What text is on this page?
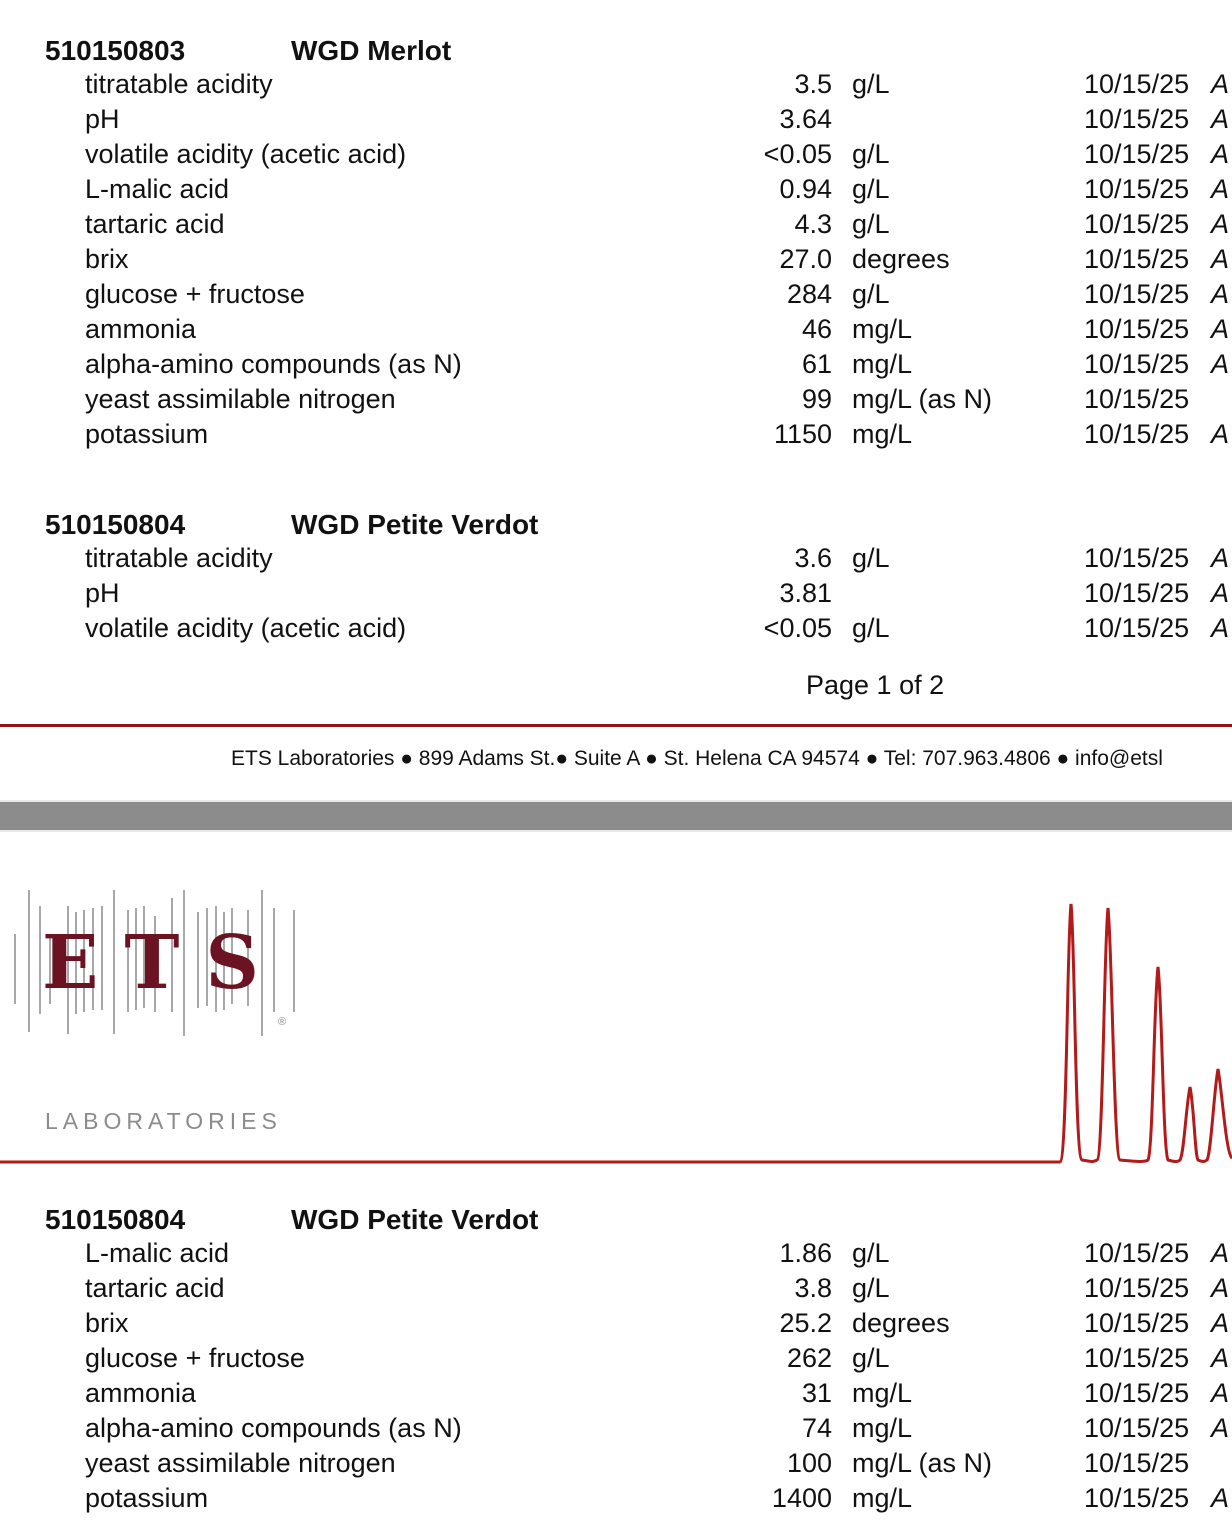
510150803	WGD Merlot
titratable acidity	3.5 g/L	10/15/25 A
pH	3.64	10/15/25 A
volatile acidity (acetic acid)	<0.05 g/L	10/15/25 A
L-malic acid	0.94 g/L	10/15/25 A
tartaric acid	4.3 g/L	10/15/25 A
brix	27.0 degrees	10/15/25 A
glucose + fructose	284 g/L	10/15/25 A
ammonia	46 mg/L	10/15/25 A
alpha-amino compounds (as N)	61 mg/L	10/15/25 A
yeast assimilable nitrogen	99 mg/L (as N)	10/15/25
potassium	1150 mg/L	10/15/25 A
510150804	WGD Petite Verdot
titratable acidity	3.6 g/L	10/15/25 A
pH	3.81	10/15/25 A
volatile acidity (acetic acid)	<0.05 g/L	10/15/25 A
Page 1 of 2
ETS Laboratories ● 899 Adams St.● Suite A ● St. Helena CA 94574 ● Tel: 707.963.4806 ● info@etsl
ETS
®
LABORATORIES
510150804	WGD Petite Verdot
L-malic acid	1.86 g/L	10/15/25 A
tartaric acid	3.8 g/L	10/15/25 A
brix	25.2 degrees	10/15/25 A
glucose + fructose	262 g/L	10/15/25 A
ammonia	31 mg/L	10/15/25 A
alpha-amino compounds (as N)	74 mg/L	10/15/25 A
yeast assimilable nitrogen	100 mg/L (as N)	10/15/25
potassium	1400 mg/L	10/15/25 A
